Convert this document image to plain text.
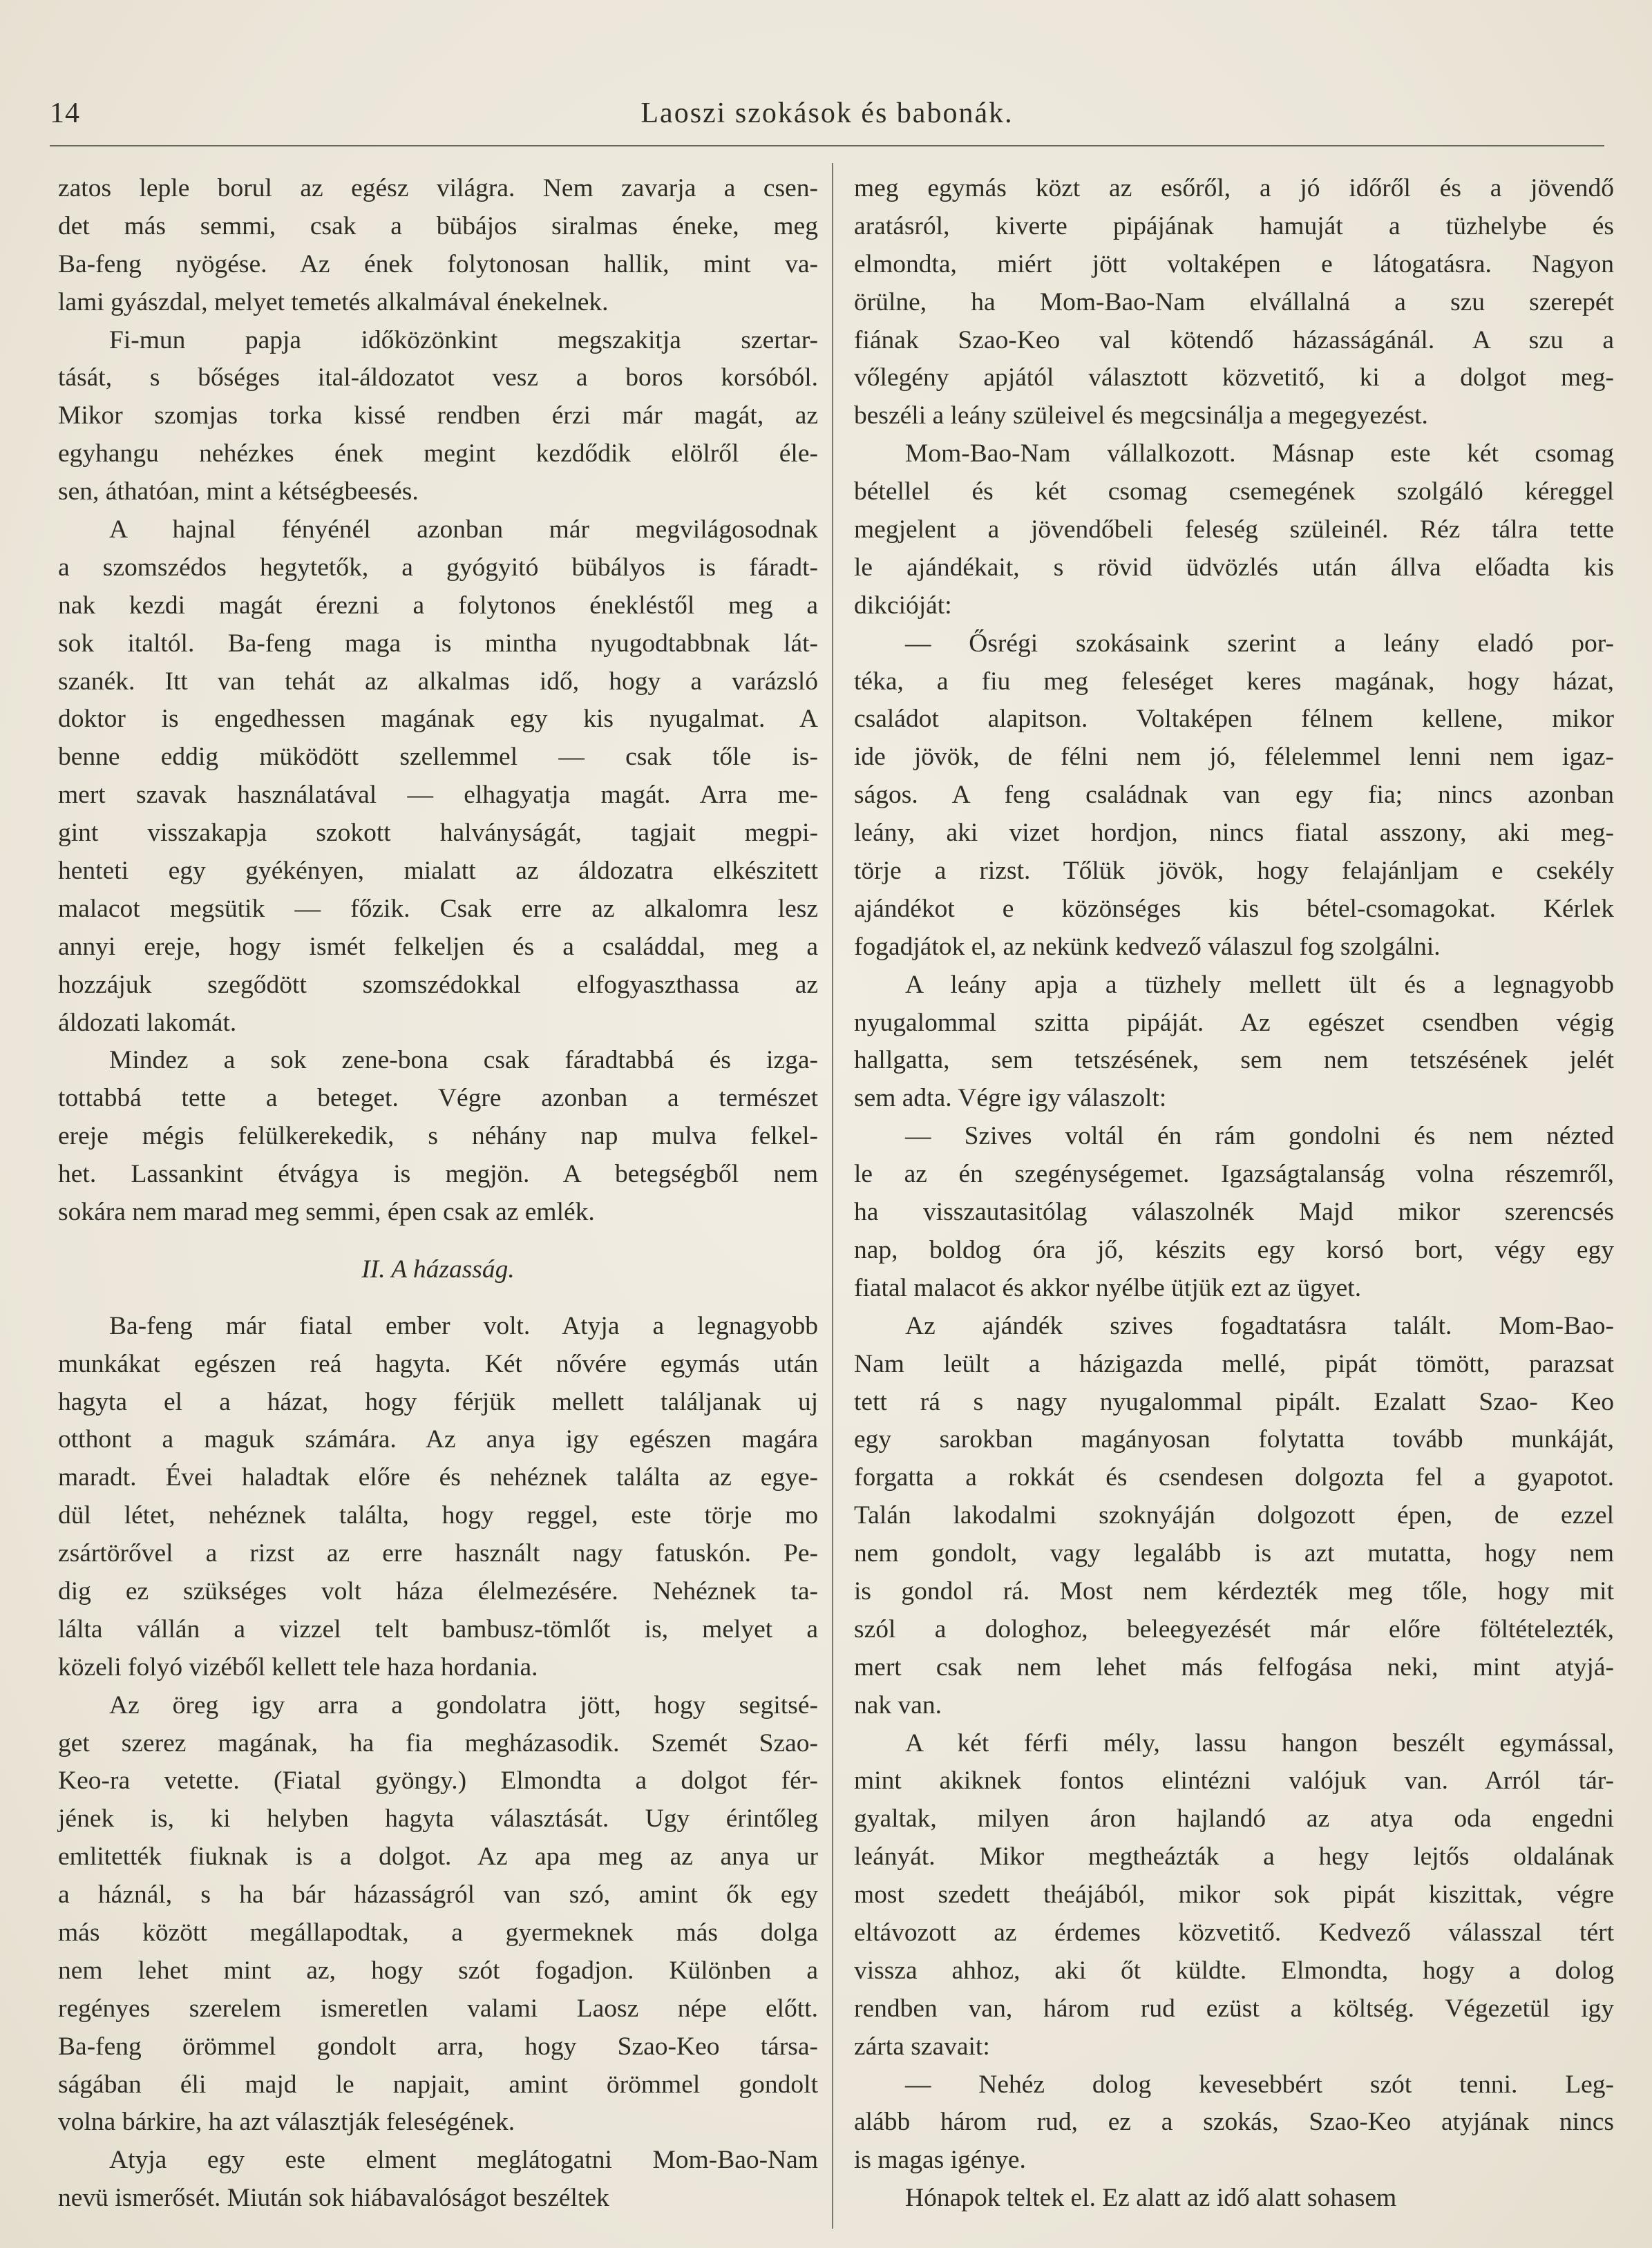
14	Laoszi szokások és babonák.

zatos leple borul az egész világra. Nem zavarja a csen-
det más semmi, csak a bübájos siralmas éneke, meg
Ba-feng nyögése. Az ének folytonosan hallik, mint va-
lami gyászdal, melyet temetés alkalmával énekelnek.

Fi-mun papja időközönkint megszakitja szertar-
tását, s bőséges ital-áldozatot vesz a boros korsóból.
Mikor szomjas torka kissé rendben érzi már magát, az
egyhangu nehézkes ének megint kezdődik elölről éle-
sen, áthatóan, mint a kétségbeesés.

A hajnal fényénél azonban már megvilágosodnak
a szomszédos hegytetők, a gyógyitó bübályos is fáradt-
nak kezdi magát érezni a folytonos énekléstől meg a
sok italtól. Ba-feng maga is mintha nyugodtabbnak lát-
szanék. Itt van tehát az alkalmas idő, hogy a varázsló
doktor is engedhessen magának egy kis nyugalmat. A
benne eddig müködött szellemmel — csak tőle is-
mert szavak használatával — elhagyatja magát. Arra me-
gint visszakapja szokott halványságát, tagjait megpi-
henteti egy gyékényen, mialatt az áldozatra elkészitett
malacot megsütik — főzik. Csak erre az alkalomra lesz
annyi ereje, hogy ismét felkeljen és a családdal, meg a
hozzájuk szegődött szomszédokkal elfogyaszthassa az
áldozati lakomát.

Mindez a sok zene-bona csak fáradtabbá és izga-
tottabbá tette a beteget. Végre azonban a természet
ereje mégis felülkerekedik, s néhány nap mulva felkel-
het. Lassankint étvágya is megjön. A betegségből nem
sokára nem marad meg semmi, épen csak az emlék.

II. A házasság.

Ba-feng már fiatal ember volt. Atyja a legnagyobb
munkákat egészen reá hagyta. Két nővére egymás után
hagyta el a házat, hogy férjük mellett találjanak uj
otthont a maguk számára. Az anya igy egészen magára
maradt. Évei haladtak előre és nehéznek találta az egye-
dül létet, nehéznek találta, hogy reggel, este törje mo
zsártörővel a rizst az erre használt nagy fatuskón. Pe-
dig ez szükséges volt háza élelmezésére. Nehéznek ta-
lálta vállán a vizzel telt bambusz-tömlőt is, melyet a
közeli folyó vizéből kellett tele haza hordania.

Az öreg igy arra a gondolatra jött, hogy segitsé-
get szerez magának, ha fia megházasodik. Szemét Szao-
Keo-ra vetette. (Fiatal gyöngy.) Elmondta a dolgot fér-
jének is, ki helyben hagyta választását. Ugy érintőleg
emlitették fiuknak is a dolgot. Az apa meg az anya ur
a háznál, s ha bár házasságról van szó, amint ők egy
más között megállapodtak, a gyermeknek más dolga
nem lehet mint az, hogy szót fogadjon. Különben a
regényes szerelem ismeretlen valami Laosz népe előtt.
Ba-feng örömmel gondolt arra, hogy Szao-Keo társa-
ságában éli majd le napjait, amint örömmel gondolt
volna bárkire, ha azt választják feleségének.

Atyja egy este elment meglátogatni Mom-Bao-Nam
nevü ismerősét. Miután sok hiábavalóságot beszéltek

meg egymás közt az esőről, a jó időről és a jövendő
aratásról, kiverte pipájának hamuját a tüzhelybe és
elmondta, miért jött voltaképen e látogatásra. Nagyon
örülne, ha Mom-Bao-Nam elvállalná a szu szerepét
fiának Szao-Keo val kötendő házasságánál. A szu a
vőlegény apjától választott közvetitő, ki a dolgot meg-
beszéli a leány szüleivel és megcsinálja a megegyezést.

Mom-Bao-Nam vállalkozott. Másnap este két csomag
bétellel és két csomag csemegének szolgáló kéreggel
megjelent a jövendőbeli feleség szüleinél. Réz tálra tette
le ajándékait, s rövid üdvözlés után állva előadta kis
dikcióját:

— Ősrégi szokásaink szerint a leány eladó por-
téka, a fiu meg feleséget keres magának, hogy házat,
családot alapitson. Voltaképen félnem kellene, mikor
ide jövök, de félni nem jó, félelemmel lenni nem igaz-
ságos. A feng családnak van egy fia; nincs azonban
leány, aki vizet hordjon, nincs fiatal asszony, aki meg-
törje a rizst. Tőlük jövök, hogy felajánljam e csekély
ajándékot e közönséges kis bétel-csomagokat. Kérlek
fogadjátok el, az nekünk kedvező válaszul fog szolgálni.

A leány apja a tüzhely mellett ült és a legnagyobb
nyugalommal szitta pipáját. Az egészet csendben végig
hallgatta, sem tetszésének, sem nem tetszésének jelét
sem adta. Végre igy válaszolt:

— Szives voltál én rám gondolni és nem nézted
le az én szegénységemet. Igazságtalanság volna részemről,
ha visszautasitólag válaszolnék Majd mikor szerencsés
nap, boldog óra jő, készits egy korsó bort, végy egy
fiatal malacot és akkor nyélbe ütjük ezt az ügyet.

Az ajándék szives fogadtatásra talált. Mom-Bao-
Nam leült a házigazda mellé, pipát tömött, parazsat
tett rá s nagy nyugalommal pipált. Ezalatt Szao- Keo
egy sarokban magányosan folytatta tovább munkáját,
forgatta a rokkát és csendesen dolgozta fel a gyapotot.
Talán lakodalmi szoknyáján dolgozott épen, de ezzel
nem gondolt, vagy legalább is azt mutatta, hogy nem
is gondol rá. Most nem kérdezték meg tőle, hogy mit
szól a dologhoz, beleegyezését már előre föltételezték,
mert csak nem lehet más felfogása neki, mint atyjá-
nak van.

A két férfi mély, lassu hangon beszélt egymással,
mint akiknek fontos elintézni valójuk van. Arról tár-
gyaltak, milyen áron hajlandó az atya oda engedni
leányát. Mikor megtheázták a hegy lejtős oldalának
most szedett theájából, mikor sok pipát kiszittak, végre
eltávozott az érdemes közvetitő. Kedvező válasszal tért
vissza ahhoz, aki őt küldte. Elmondta, hogy a dolog
rendben van, három rud ezüst a költség. Végezetül igy
zárta szavait:

— Nehéz dolog kevesebbért szót tenni. Leg-
alább három rud, ez a szokás, Szao-Keo atyjának nincs
is magas igénye.

Hónapok teltek el. Ez alatt az idő alatt sohasem
